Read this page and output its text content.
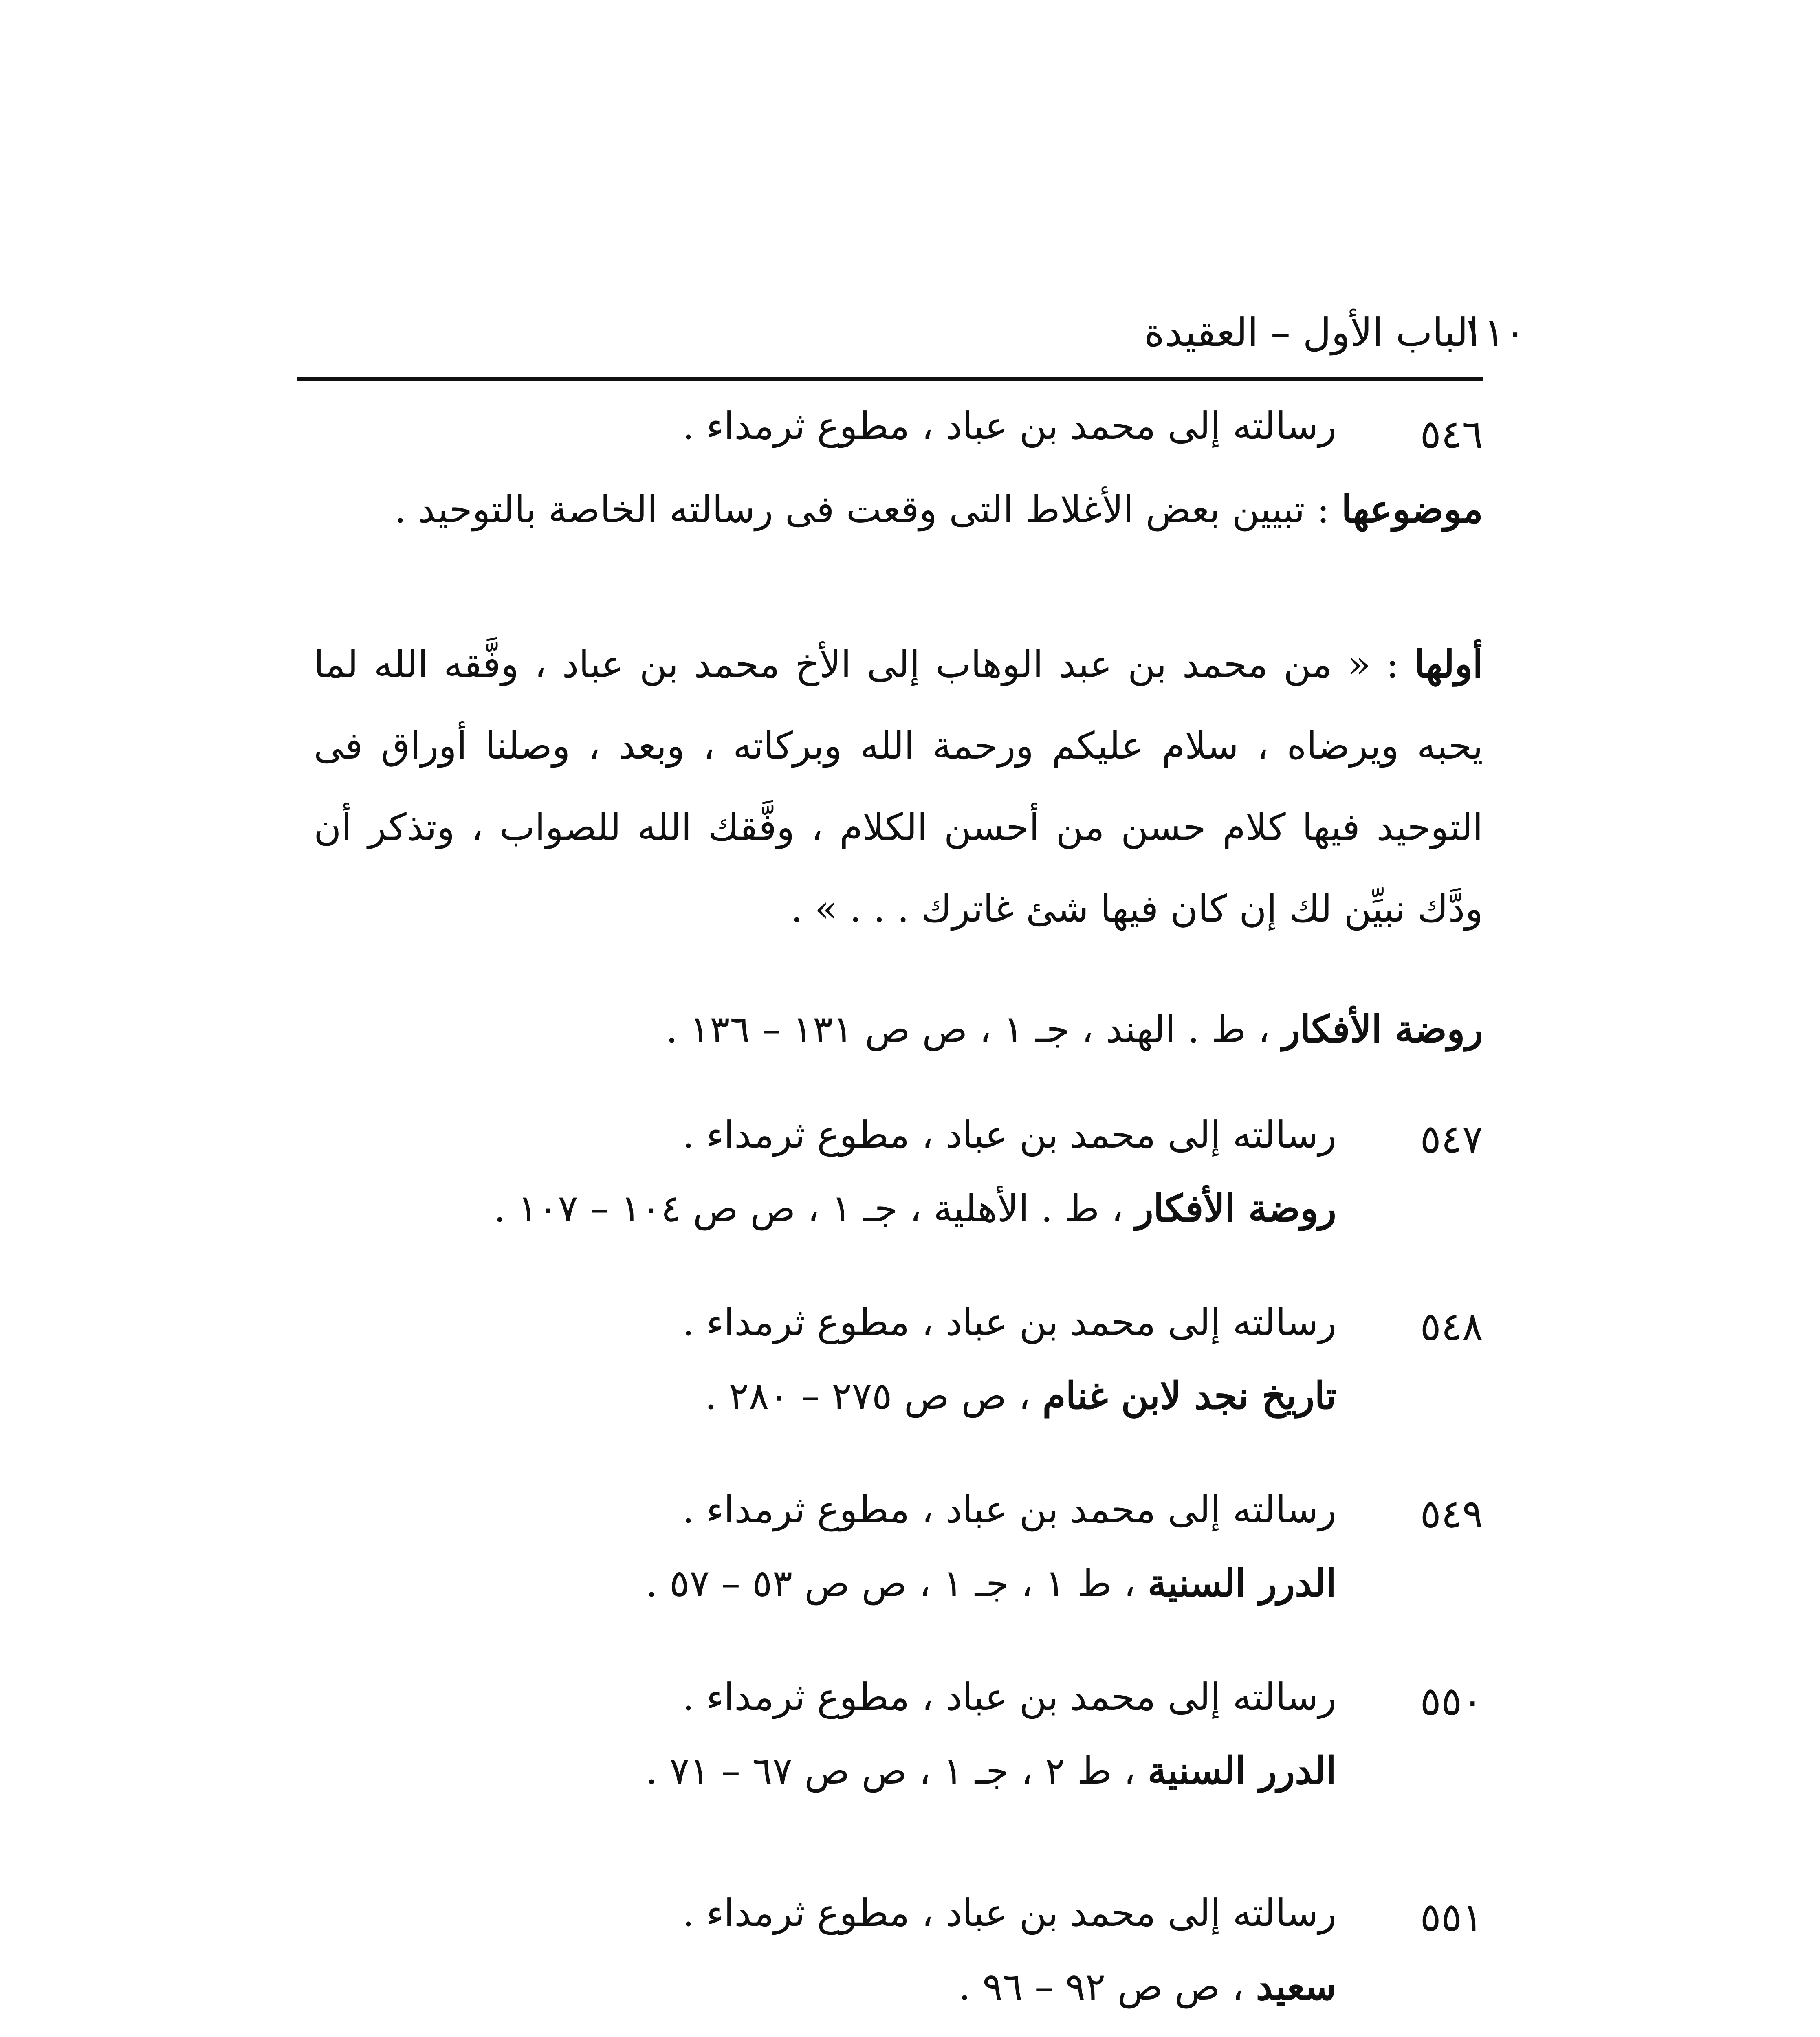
الباب الأول – العقيدة
١١٠
٥٤٦
رسالته إلى محمد بن عباد ، مطوع ثرمداء .
موضوعها : تبيين بعض الأغلاط التى وقعت فى رسالته الخاصة بالتوحيد .
أولها : « من محمد بن عبد الوهاب إلى الأخ محمد بن عباد ، وفَّقه الله لما يحبه ويرضاه ، سلام عليكم ورحمة الله وبركاته ، وبعد ، وصلنا أوراق فى التوحيد فيها كلام حسن من أحسن الكلام ، وفَّقك الله للصواب ، وتذكر أن ودَّك نبيِّن لك إن كان فيها شئ غاترك . . . » .
روضة الأفكار ، ط . الهند ، جـ ١ ، ص ص ١٣١ – ١٣٦ .
٥٤٧
رسالته إلى محمد بن عباد ، مطوع ثرمداء .
روضة الأفكار ، ط . الأهلية ، جـ ١ ، ص ص ١٠٤ – ١٠٧ .
٥٤٨
رسالته إلى محمد بن عباد ، مطوع ثرمداء .
تاريخ نجد لابن غنام ، ص ص ٢٧٥ – ٢٨٠ .
٥٤٩
رسالته إلى محمد بن عباد ، مطوع ثرمداء .
الدرر السنية ، ط ١ ، جـ ١ ، ص ص ٥٣ – ٥٧ .
٥٥٠
رسالته إلى محمد بن عباد ، مطوع ثرمداء .
الدرر السنية ، ط ٢ ، جـ ١ ، ص ص ٦٧ – ٧١ .
٥٥١
رسالته إلى محمد بن عباد ، مطوع ثرمداء .
سعيد ، ص ص ٩٢ – ٩٦ .
